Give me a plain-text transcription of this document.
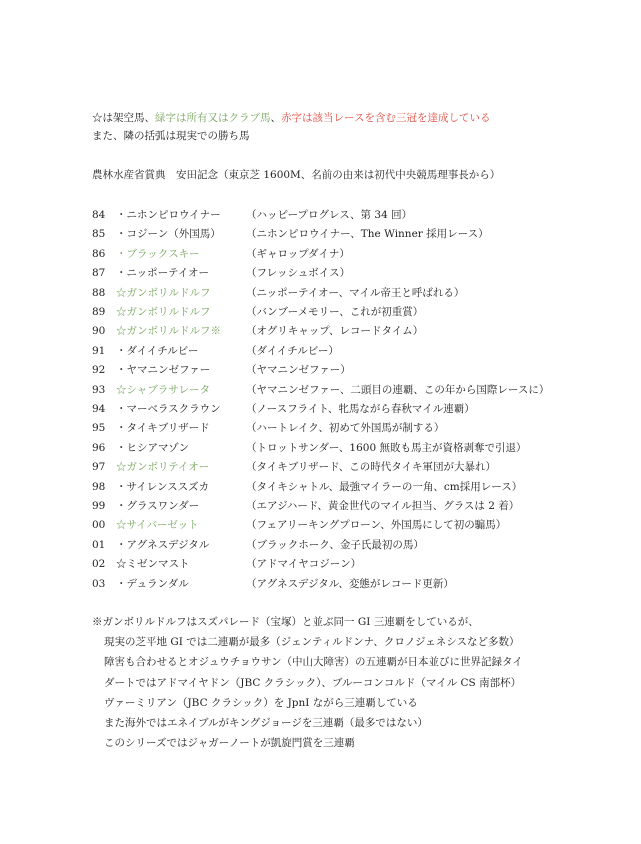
☆は架空馬、緑字は所有又はクラブ馬、赤字は該当レースを含む三冠を達成している
また、隣の括弧は現実での勝ち馬
農林水産省賞典　安田記念（東京芝 1600M、名前の由来は初代中央競馬理事長から）
84	・ニホンピロウイナー （ハッピープログレス、第 34 回）
85	・コジーン（外国馬） （ニホンピロウイナー、The Winner 採用レース）
86	・ブラックスキー	（ギャロップダイナ）
87	・ニッポーテイオー	（フレッシュボイス）
88	☆ガンボリルドルフ	（ニッポーテイオー、マイル帝王と呼ばれる）
89	☆ガンボリルドルフ	（バンブーメモリー、これが初重賞）
90	☆ガンボリルドルフ※ （オグリキャップ、レコードタイム）
91	・ダイイチルビー	（ダイイチルビー）
92	・ヤマニンゼファー	（ヤマニンゼファー）
93	☆シャブラサレータ	（ヤマニンゼファー、二頭目の連覇、この年から国際レースに）
94	・マーベラスクラウン （ノースフライト、牝馬ながら春秋マイル連覇）
95	・タイキブリザード	（ハートレイク、初めて外国馬が制する）
96	・ヒシアマゾン	（トロットサンダー、1600 無敗も馬主が資格剥奪で引退）
97	☆ガンボリテイオー	（タイキブリザード、この時代タイキ軍団が大暴れ）
98	・サイレンススズカ	（タイキシャトル、最強マイラーの一角、cm採用レース）
99	・グラスワンダー	（エアジハード、黄金世代のマイル担当、グラスは 2 着）
00	☆サイバーゼット	（フェアリーキングプローン、外国馬にして初の騸馬）
01	・アグネスデジタル	（ブラックホーク、金子氏最初の馬）
02	☆ミゼンマスト	（アドマイヤコジーン）
03	・デュランダル	（アグネスデジタル、変態がレコード更新）
※ガンボリルドルフはスズパレード（宝塚）と並ぶ同一 GI 三連覇をしているが、
現実の芝平地 GI では二連覇が最多（ジェンティルドンナ、クロノジェネシスなど多数）
障害も合わせるとオジュウチョウサン（中山大障害）の五連覇が日本並びに世界記録タイ
ダートではアドマイヤドン（JBC クラシック）、ブルーコンコルド（マイル CS 南部杯）
ヴァーミリアン（JBC クラシック）を JpnI ながら三連覇している
また海外ではエネイブルがキングジョージを三連覇（最多ではない）
このシリーズではジャガーノートが凱旋門賞を三連覇
